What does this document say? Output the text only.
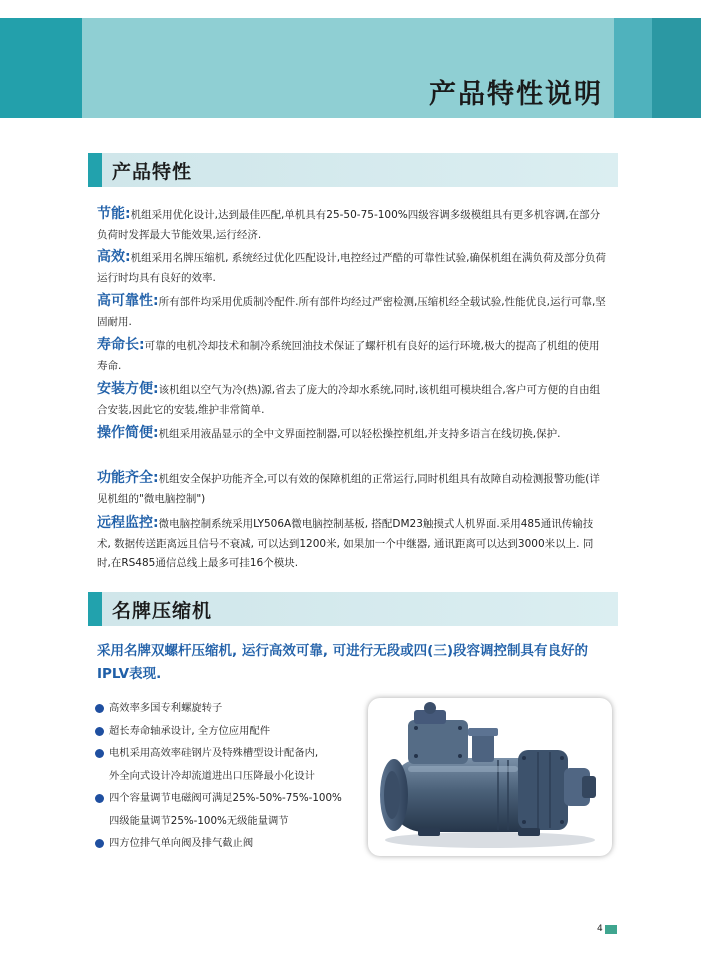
产品特性说明
产品特性
节能:机组采用优化设计,达到最佳匹配,单机具有25-50-75-100%四级容调多级模组具有更多机容调,在部分负荷时发挥最大节能效果,运行经济.
高效:机组采用名牌压缩机, 系统经过优化匹配设计,电控经过严酷的可靠性试验,确保机组在满负荷及部分负荷运行时均具有良好的效率.
高可靠性:所有部件均采用优质制冷配件.所有部件均经过严密检测,压缩机经全载试验,性能优良,运行可靠,坚固耐用.
寿命长:可靠的电机冷却技术和制冷系统回油技术保证了螺杆机有良好的运行环境,极大的提高了机组的使用寿命.
安装方便:该机组以空气为冷(热)源,省去了庞大的冷却水系统,同时,该机组可模块组合,客户可方便的自由组合安装,因此它的安装,维护非常简单.
操作简便:机组采用液晶显示的全中文界面控制器,可以轻松操控机组,并支持多语言在线切换,保护.
功能齐全:机组安全保护功能齐全,可以有效的保障机组的正常运行,同时机组具有故障自动检测报警功能(详见机组的"微电脑控制")
远程监控:微电脑控制系统采用LY506A微电脑控制基板, 搭配DM23触摸式人机界面.采用485通讯传输技术, 数据传送距离远且信号不衰减, 可以达到1200米, 如果加一个中继器, 通讯距离可以达到3000米以上. 同时,在RS485通信总线上最多可挂16个模块.
名牌压缩机
采用名牌双螺杆压缩机, 运行高效可靠, 可进行无段或四(三)段容调控制具有良好的IPLV表现.
高效率多国专利螺旋转子
超长寿命轴承设计, 全方位应用配件
电机采用高效率硅钢片及特殊槽型设计配备内,
外全向式设计冷却流道进出口压降最小化设计
四个容量调节电磁阀可满足25%-50%-75%-100%
四级能量调节25%-100%无级能量调节
四方位排气单向阀及排气截止阀
4
